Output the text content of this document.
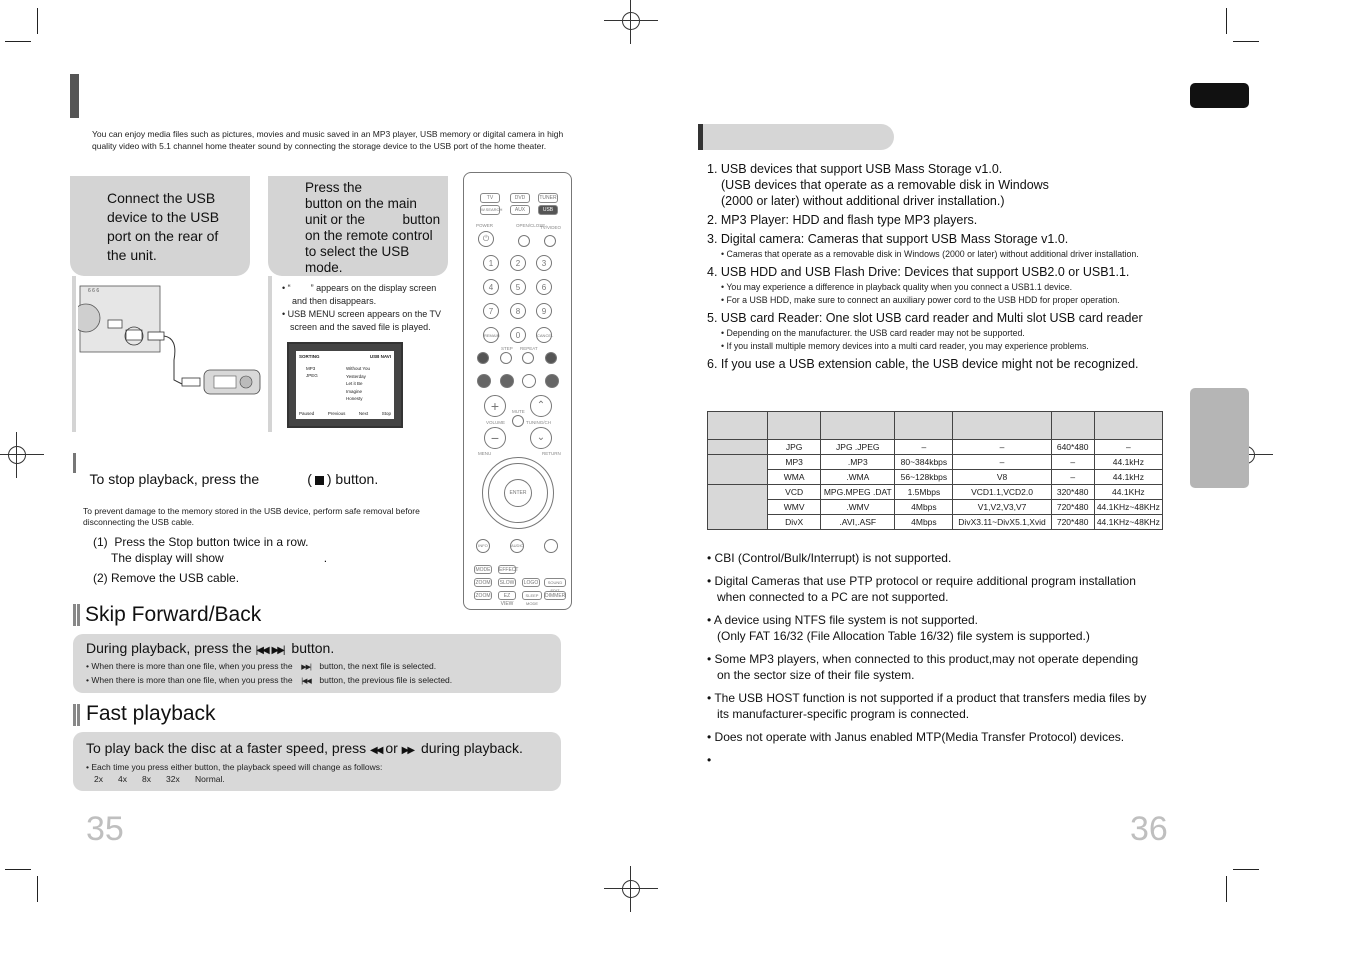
You can enjoy media files such as pictures, movies and music saved in an MP3 player, USB memory or digital camera in high quality video with 5.1 channel home theater sound by connecting the storage device to the USB port of the home theater.
Connect the USB
device to the USB
port on the rear of
the unit.
6 6 6
Press the
button on the main
unit or the          button
on the remote control
to select the USB
mode.
• “        ” appears on the display screen
and then disappears.
• USB MENU screen appears on the TV
screen and the saved file is played.
SORTING	USB NAVI
MP3
JPEG
Without You
Yesterday
Let it Be
Imagine
Honesty
Paused	Previous	Next	Stop

To stop playback, press the	( ) button.

To prevent damage to the memory stored in the USB device, perform safe removal before disconnecting the USB cable.
(1)  Press the Stop button twice in a row.
The display will show	.
(2) Remove the USB cable.
Skip Forward/Back
During playback, press the |◀◀ ▶▶| button.
• When there is more than one file, when you press the ▶▶| button, the next file is selected.
• When there is more than one file, when you press the |◀◀ button, the previous file is selected.
Fast playback
To play back the disc at a faster speed, press ◀◀ or ▶▶ during playback.
• Each time you press either button, the playback speed will change as follows:
2x 4x 8x 32x Normal.
35
TV	DVD	TUNER
W.SEARCH	AUX	USB
POWER	OPEN/CLOSE
TV/VIDEO
⏻
1	2	3
4	5	6
7	8	9
REMAIN	0	CANCEL
STEP REPEAT
+	⌃
MUTE
VOLUME	TUNING/CH
−	⌄
MENU	RETURN
ENTER
INFO	AUDIO
MODE	EFFECT
ZOOM	SLOW	LOGO	SOUND EDIT
ZOOM	EZ VIEW
SLEEP MODE
DIMMER
1. USB devices that support USB Mass Storage v1.0.
(USB devices that operate as a removable disk in Windows
(2000 or later) without additional driver installation.)
2. MP3 Player: HDD and flash type MP3 players.
3. Digital camera: Cameras that support USB Mass Storage v1.0.
• Cameras that operate as a removable disk in Windows (2000 or later) without additional driver installation.
4. USB HDD and USB Flash Drive: Devices that support USB2.0 or USB1.1.
• You may experience a difference in playback quality when you connect a USB1.1 device.
• For a USB HDD, make sure to connect an auxiliary power cord to the USB HDD for proper operation.
5. USB card Reader: One slot USB card reader and Multi slot USB card reader
• Depending on the manufacturer. the USB card reader may not be supported.
• If you install multiple memory devices into a multi card reader, you may experience problems.
6. If you use a USB extension cable, the USB device might not be recognized.

	JPG	JPG .JPEG	–	–	640*480	–
	MP3	.MP3	80~384kbps	–	–	44.1kHz
	WMA	.WMA	56~128kbps	V8	–	44.1kHz
	VCD	MPG.MPEG .DAT	1.5Mbps	VCD1.1,VCD2.0	320*480	44.1KHz
	WMV	.WMV	4Mbps	V1,V2,V3,V7	720*480	44.1KHz~48KHz
	DivX	.AVI,.ASF	4Mbps	DivX3.11~DivX5.1,Xvid	720*480	44.1KHz~48KHz
• CBI (Control/Bulk/Interrupt) is not supported.
• Digital Cameras that use PTP protocol or require additional program installation
when connected to a PC are not supported.
• A device using NTFS file system is not supported.
(Only FAT 16/32 (File Allocation Table 16/32) file system is supported.)
• Some MP3 players, when connected to this product,may not operate depending
on the sector size of their file system.
• The USB HOST function is not supported if a product that transfers media files by
its manufacturer-specific program is connected.
• Does not operate with Janus enabled MTP(Media Transfer Protocol) devices.
•
36
